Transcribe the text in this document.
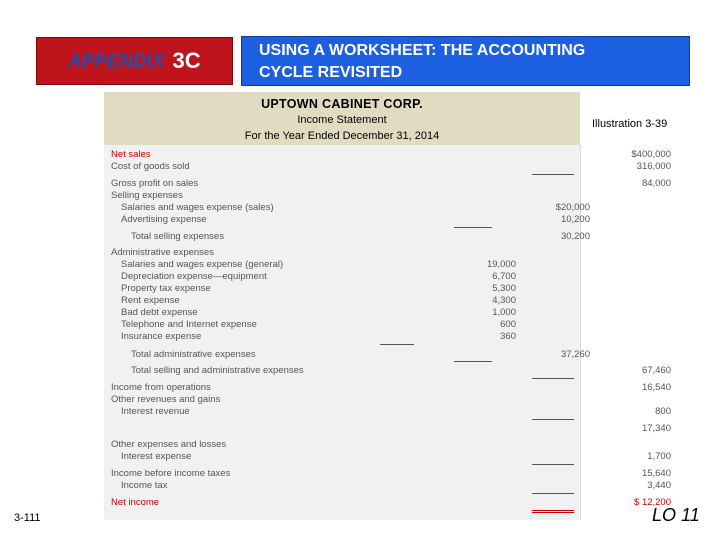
APPENDIX 3C	USING A WORKSHEET: THE ACCOUNTING
CYCLE REVISITED
UPTOWN CABINET CORP.
Income Statement
For the Year Ended December 31, 2014
Illustration 3-39
Net sales	$400,000
Cost of goods sold	316,000
Gross profit on sales	84,000
Selling expenses
Salaries and wages expense (sales)	$20,000
Advertising expense	10,200
Total selling expenses	30,200
Administrative expenses
Salaries and wages expense (general)	19,000
Depreciation expense—equipment	6,700
Property tax expense	5,300
Rent expense	4,300
Bad debt expense	1,000
Telephone and Internet expense	600
Insurance expense	360
Total administrative expenses	37,260
Total selling and administrative expenses	67,460
Income from operations	16,540
Other revenues and gains
Interest revenue	800
17,340
Other expenses and losses
Interest expense	1,700
Income before income taxes	15,640
Income tax	3,440
Net income	$ 12,200
3-111	LO 11
